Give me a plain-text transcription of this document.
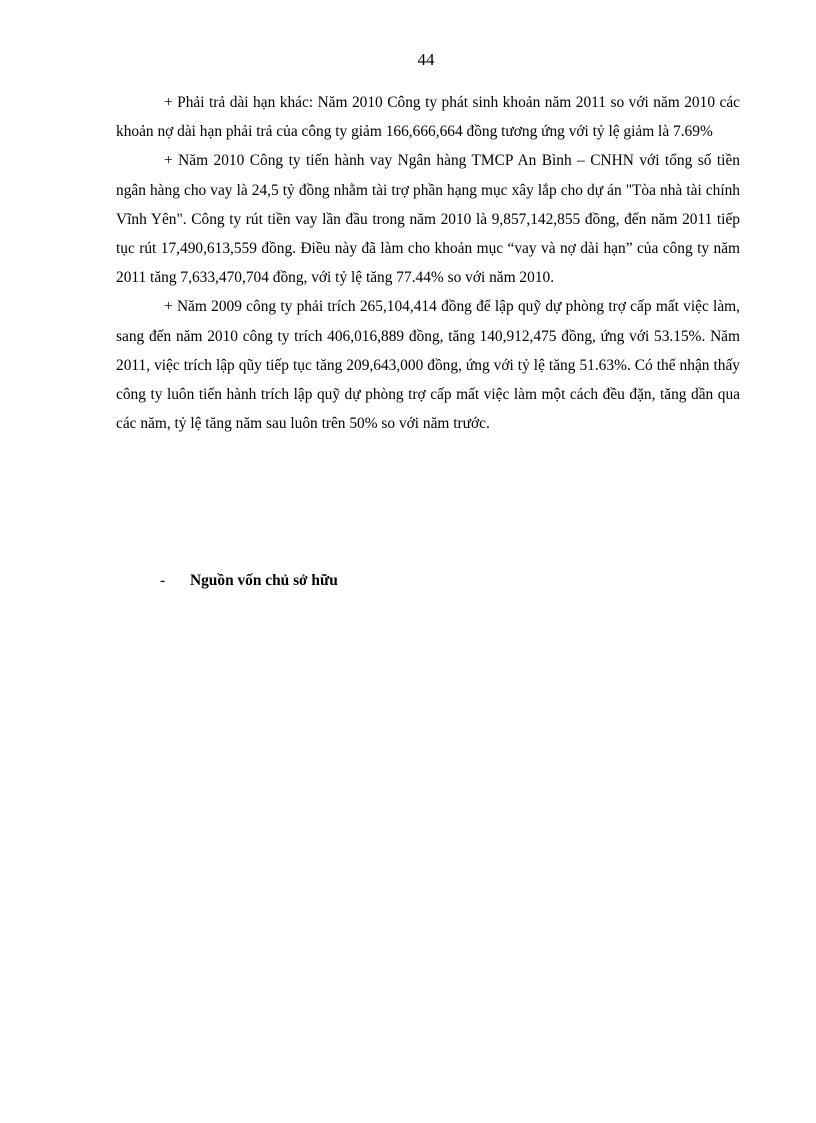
44

+ Phải trả dài hạn khác: Năm 2010 Công ty phát sinh khoản năm 2011 so với năm 2010 các khoản nợ dài hạn phải trả của công ty giảm 166,666,664 đồng tương ứng với tỷ lệ giảm là 7.69%

+ Năm 2010 Công ty tiến hành vay Ngân hàng TMCP An Bình – CNHN với tổng số tiền ngân hàng cho vay là 24,5 tỷ đồng nhằm tài trợ phần hạng mục xây lắp cho dự án "Tòa nhà tài chính Vĩnh Yên". Công ty rút tiền vay lần đầu trong năm 2010 là 9,857,142,855 đồng, đến năm 2011 tiếp tục rút 17,490,613,559 đồng. Điều này đã làm cho khoản mục “vay và nợ dài hạn” của công ty năm 2011 tăng 7,633,470,704 đồng, với tỷ lệ tăng 77.44% so với năm 2010.

+ Năm 2009 công ty phải trích 265,104,414 đồng để lập quỹ dự phòng trợ cấp mất việc làm, sang đến năm 2010 công ty trích 406,016,889 đồng, tăng 140,912,475 đồng, ứng với 53.15%. Năm 2011, việc trích lập qũy tiếp tục tăng 209,643,000 đồng, ứng với tỷ lệ tăng 51.63%. Có thể nhận thấy công ty luôn tiến hành trích lập quỹ dự phòng trợ cấp mất việc làm một cách đều đặn, tăng dần qua các năm, tỷ lệ tăng năm sau luôn trên 50% so với năm trước.

- Nguồn vốn chủ sở hữu
